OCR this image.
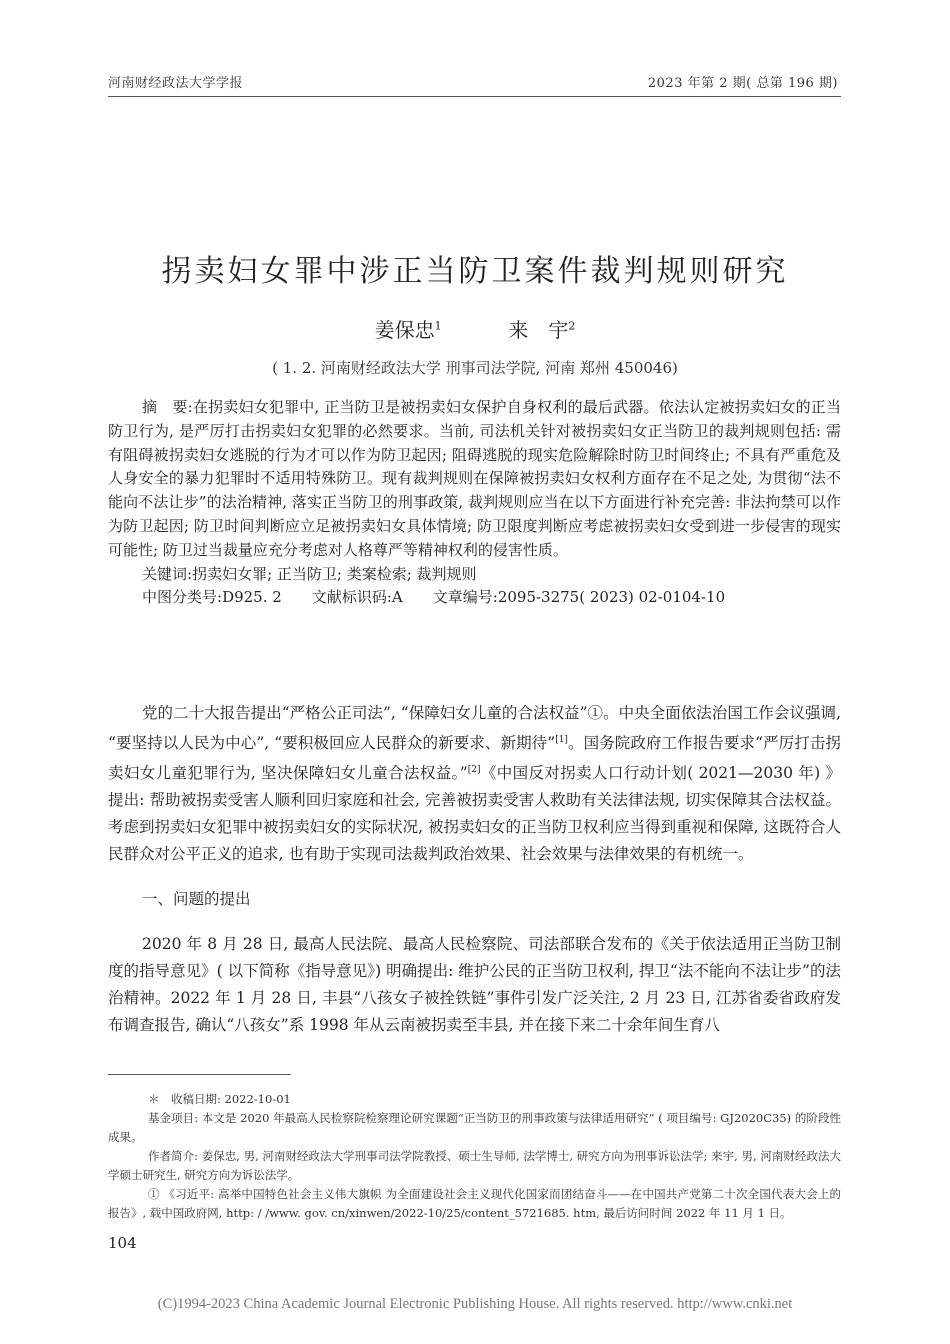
河南财经政法大学学报	2023 年第 2 期( 总第 196 期)
拐卖妇女罪中涉正当防卫案件裁判规则研究
姜保忠$^1$	来　宇$^2$
( 1. 2. 河南财经政法大学 刑事司法学院, 河南 郑州 450046)

摘　要:在拐卖妇女犯罪中, 正当防卫是被拐卖妇女保护自身权利的最后武器。依法认定被拐卖妇女的正当防卫行为, 是严厉打击拐卖妇女犯罪的必然要求。当前, 司法机关针对被拐卖妇女正当防卫的裁判规则包括: 需有阻碍被拐卖妇女逃脱的行为才可以作为防卫起因; 阻碍逃脱的现实危险解除时防卫时间终止; 不具有严重危及人身安全的暴力犯罪时不适用特殊防卫。现有裁判规则在保障被拐卖妇女权利方面存在不足之处, 为贯彻“法不能向不法让步”的法治精神, 落实正当防卫的刑事政策, 裁判规则应当在以下方面进行补充完善: 非法拘禁可以作为防卫起因; 防卫时间判断应立足被拐卖妇女具体情境; 防卫限度判断应考虑被拐卖妇女受到进一步侵害的现实可能性; 防卫过当裁量应充分考虑对人格尊严等精神权利的侵害性质。

关键词:拐卖妇女罪; 正当防卫; 类案检索; 裁判规则

中图分类号:D925. 2　　 文献标识码:A　　 文章编号:2095-3275( 2023) 02-0104-10

党的二十大报告提出“严格公正司法”, “保障妇女儿童的合法权益”①。中央全面依法治国工作会议强调, “要坚持以人民为中心”, “要积极回应人民群众的新要求、新期待”[1]。国务院政府工作报告要求“严厉打击拐卖妇女儿童犯罪行为, 坚决保障妇女儿童合法权益。”[2]《中国反对拐卖人口行动计划( 2021—2030 年) 》提出: 帮助被拐卖受害人顺利回归家庭和社会, 完善被拐卖受害人救助有关法律法规, 切实保障其合法权益。考虑到拐卖妇女犯罪中被拐卖妇女的实际状况, 被拐卖妇女的正当防卫权利应当得到重视和保障, 这既符合人民群众对公平正义的追求, 也有助于实现司法裁判政治效果、社会效果与法律效果的有机统一。

一、问题的提出

2020 年 8 月 28 日, 最高人民法院、最高人民检察院、司法部联合发布的《关于依法适用正当防卫制度的指导意见》( 以下简称《指导意见》) 明确提出: 维护公民的正当防卫权利, 捍卫“法不能向不法让步”的法治精神。2022 年 1 月 28 日, 丰县“八孩女子被拴铁链”事件引发广泛关注, 2 月 23 日, 江苏省委省政府发布调查报告, 确认“八孩女”系 1998 年从云南被拐卖至丰县, 并在接下来二十余年间生育八

＊　收稿日期: 2022-10-01

基金项目: 本文是 2020 年最高人民检察院检察理论研究课题“正当防卫的刑事政策与法律适用研究” ( 项目编号: GJ2020C35) 的阶段性成果。

作者简介: 姜保忠, 男, 河南财经政法大学刑事司法学院教授、硕士生导师, 法学博士, 研究方向为刑事诉讼法学; 来宇, 男, 河南财经政法大学硕士研究生, 研究方向为诉讼法学。

① 《习近平: 高举中国特色社会主义伟大旗帜 为全面建设社会主义现代化国家而团结奋斗——在中国共产党第二十次全国代表大会上的报告》, 载中国政府网, http: / /www. gov. cn/xinwen/2022-10/25/content_5721685. htm, 最后访问时间 2022 年 11 月 1 日。

104
(C)1994-2023 China Academic Journal Electronic Publishing House. All rights reserved. http://www.cnki.net
